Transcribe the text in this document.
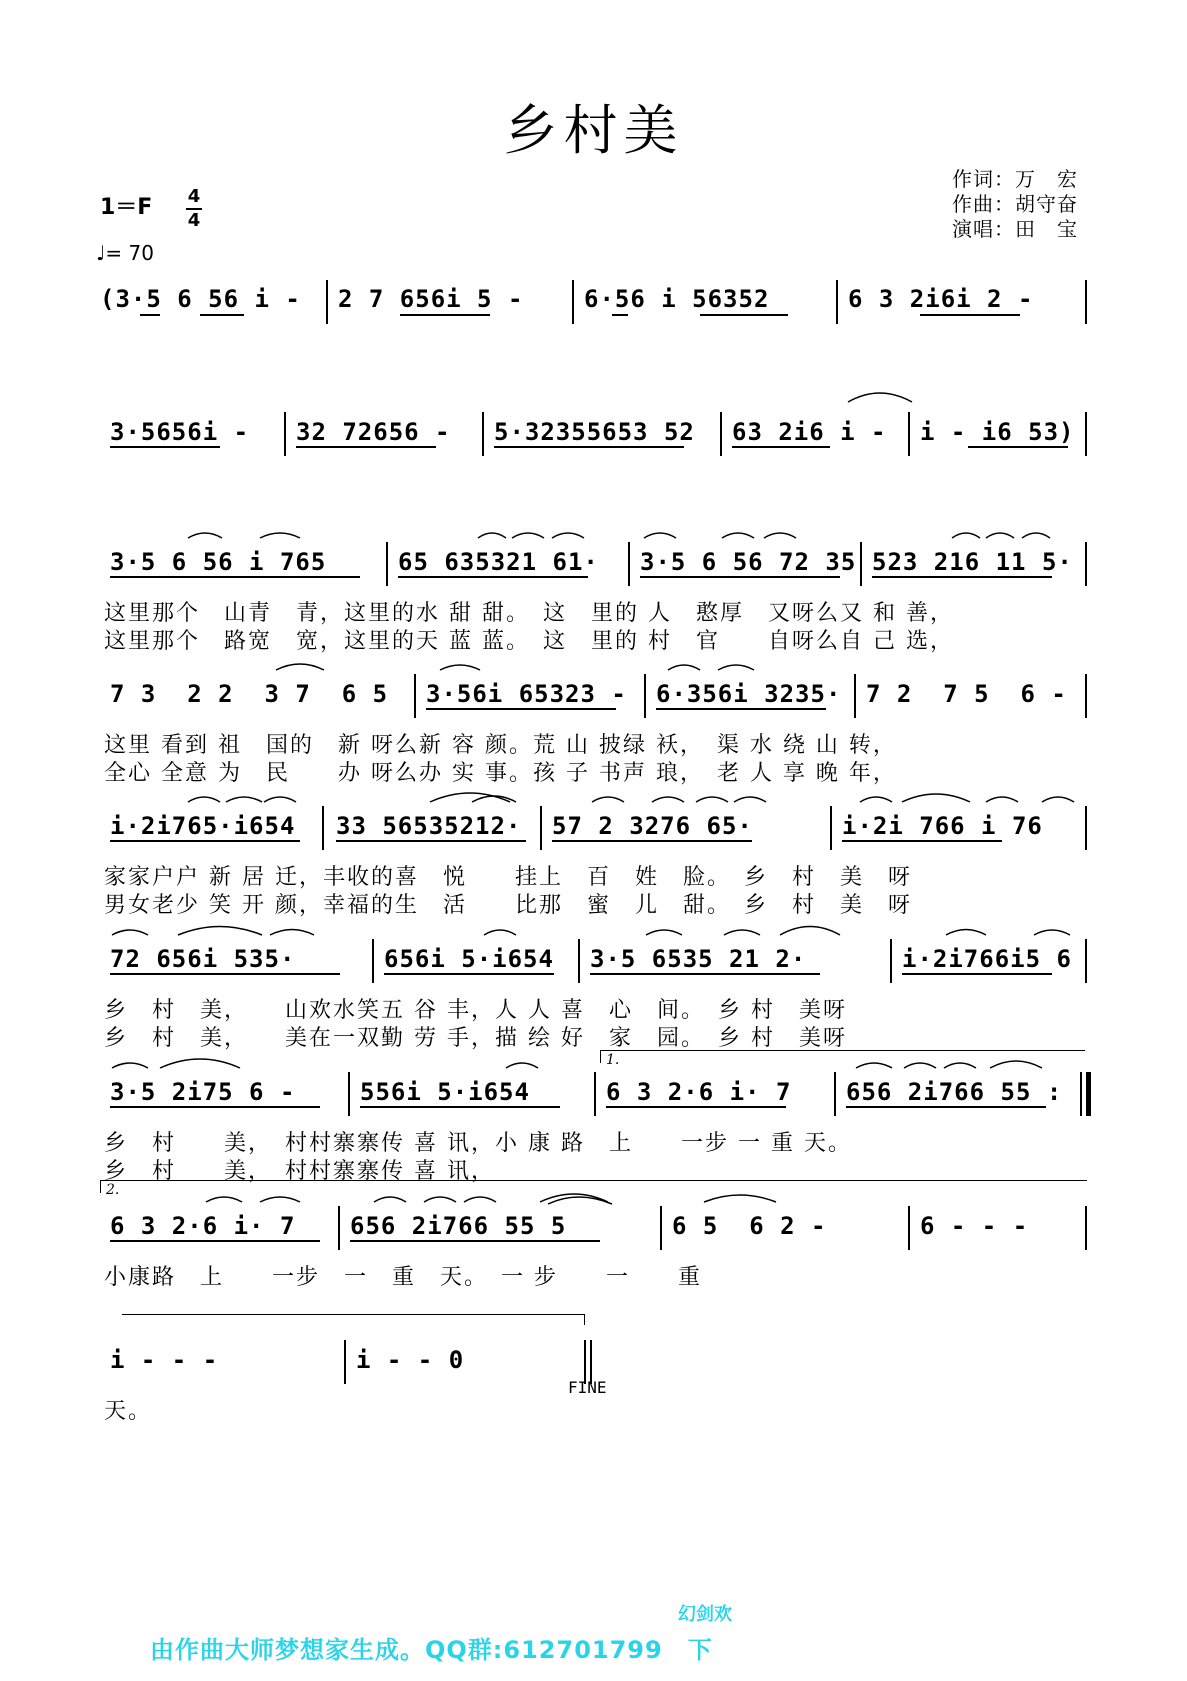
乡村美
作词：万　宏
作曲：胡守奋
演唱：田　宝
1＝F 4
4
♩= 70
(3·5 6 56 i - 2 7 656i 5 -	6·56 i 56352	6 3 2i6i 2 -
3·5656i - 32 72656 - 5·32355653 52 63 2i6 i - i - i6 53)
3·5 6 56 i 765	65 635321 61· 3·5 6 56 72 35 523 216 11 5·
这里那个　山青　青，这里的水 甜 甜。　这　里的 人　憨厚　又呀么又 和 善，
这里那个　路宽　宽，这里的天 蓝 蓝。　这　里的 村　官　　自呀么自 己 选，
7 3  2 2  3 7  6 5 3·56i 65323 - 6·356i 3235· 7 2  7 5  6 -
这里 看到 祖　国的　新 呀么新 容 颜。荒 山 披绿 袄，　渠 水 绕 山 转，
全心 全意 为　民　　办 呀么办 实 事。孩 子 书声 琅，　老 人 享 晚 年，
i·2i765·i654 33 56535212· 57 2 3276 65·	i·2i 766 i 76
家家户户 新 居 迁，丰收的喜　悦　　挂上　百　姓　脸。　乡　村　美　呀
男女老少 笑 开 颜，幸福的生　活　　比那　蜜　儿　甜。　乡　村　美　呀
72 656i 535·	656i 5·i654 3·5 6535 21 2·	i·2i766i5 6
乡　村　美，　　山欢水笑五 谷 丰，人 人 喜　心　间。　乡 村　美呀
乡　村　美，　　美在一双勤 劳 手，描 绘 好　家　园。　乡 村　美呀
1.
3·5 2i75 6 -	556i 5·i654	6 3 2·6 i· 7 656 2i766 55 :
乡　村　　美，　村村寨寨传 喜 讯，小 康 路　上　　一步 一 重 天。
乡　村　　美，　村村寨寨传 喜 讯，
2.
6 3 2·6 i· 7 656 2i766 55 5	6 5  6 2 -	6 - - -
小康路　上　　一步　一　重　天。　一 步　　一　　重
i - - -	i - - 0
FINE
天。
幻剑欢
由作曲大师梦想家生成。QQ群:612701799　下
